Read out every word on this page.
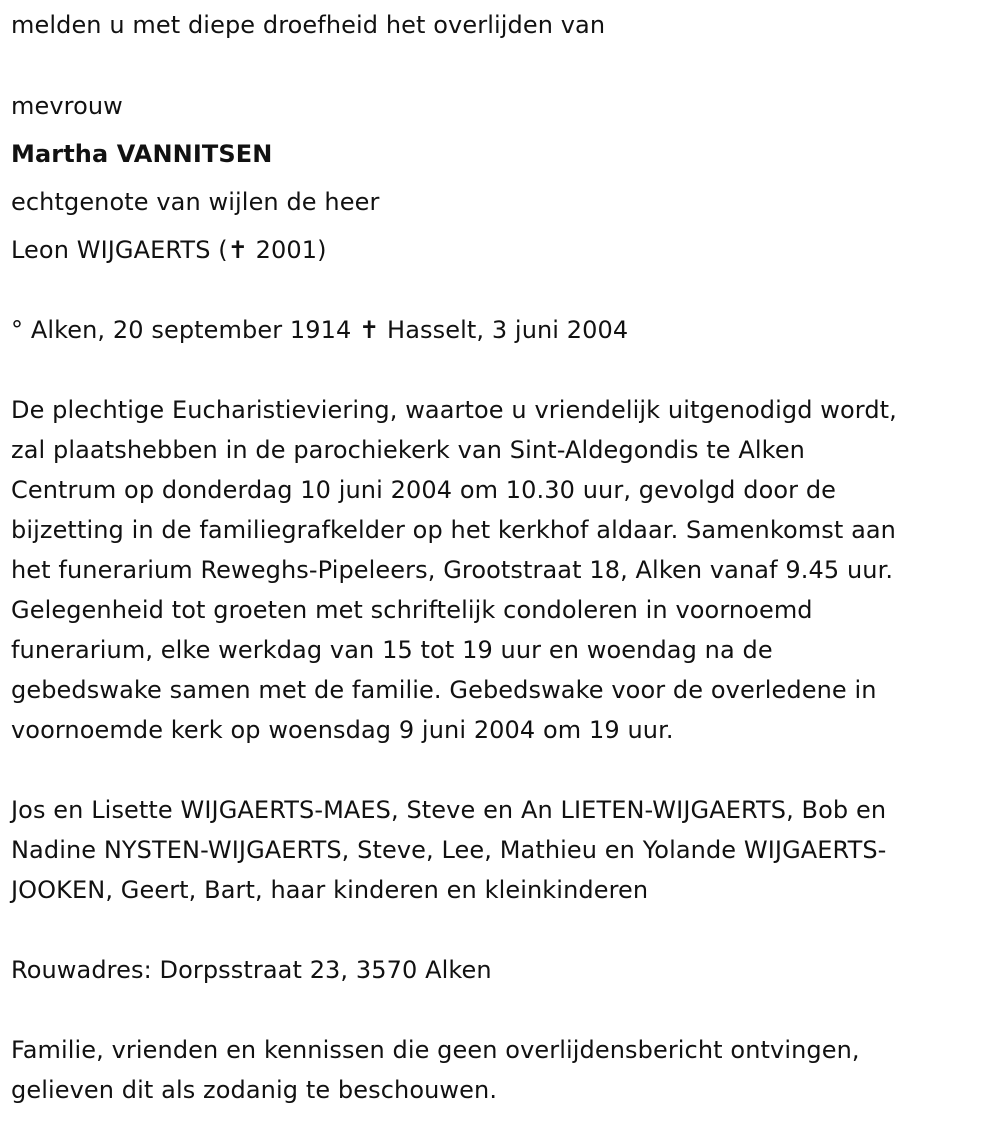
melden u met diepe droefheid het overlijden van
mevrouw
Martha VANNITSEN
echtgenote van wijlen de heer
Leon WIJGAERTS (✝ 2001)
° Alken, 20 september 1914 ✝ Hasselt, 3 juni 2004
De plechtige Eucharistieviering, waartoe u vriendelijk uitgenodigd wordt,
zal plaatshebben in de parochiekerk van Sint-Aldegondis te Alken
Centrum op donderdag 10 juni 2004 om 10.30 uur, gevolgd door de
bijzetting in de familiegrafkelder op het kerkhof aldaar. Samenkomst aan
het funerarium Reweghs-Pipeleers, Grootstraat 18, Alken vanaf 9.45 uur.
Gelegenheid tot groeten met schriftelijk condoleren in voornoemd
funerarium, elke werkdag van 15 tot 19 uur en woendag na de
gebedswake samen met de familie. Gebedswake voor de overledene in
voornoemde kerk op woensdag 9 juni 2004 om 19 uur.
Jos en Lisette WIJGAERTS-MAES, Steve en An LIETEN-WIJGAERTS, Bob en
Nadine NYSTEN-WIJGAERTS, Steve, Lee, Mathieu en Yolande WIJGAERTS-
JOOKEN, Geert, Bart, haar kinderen en kleinkinderen
Rouwadres: Dorpsstraat 23, 3570 Alken
Familie, vrienden en kennissen die geen overlijdensbericht ontvingen,
gelieven dit als zodanig te beschouwen.
